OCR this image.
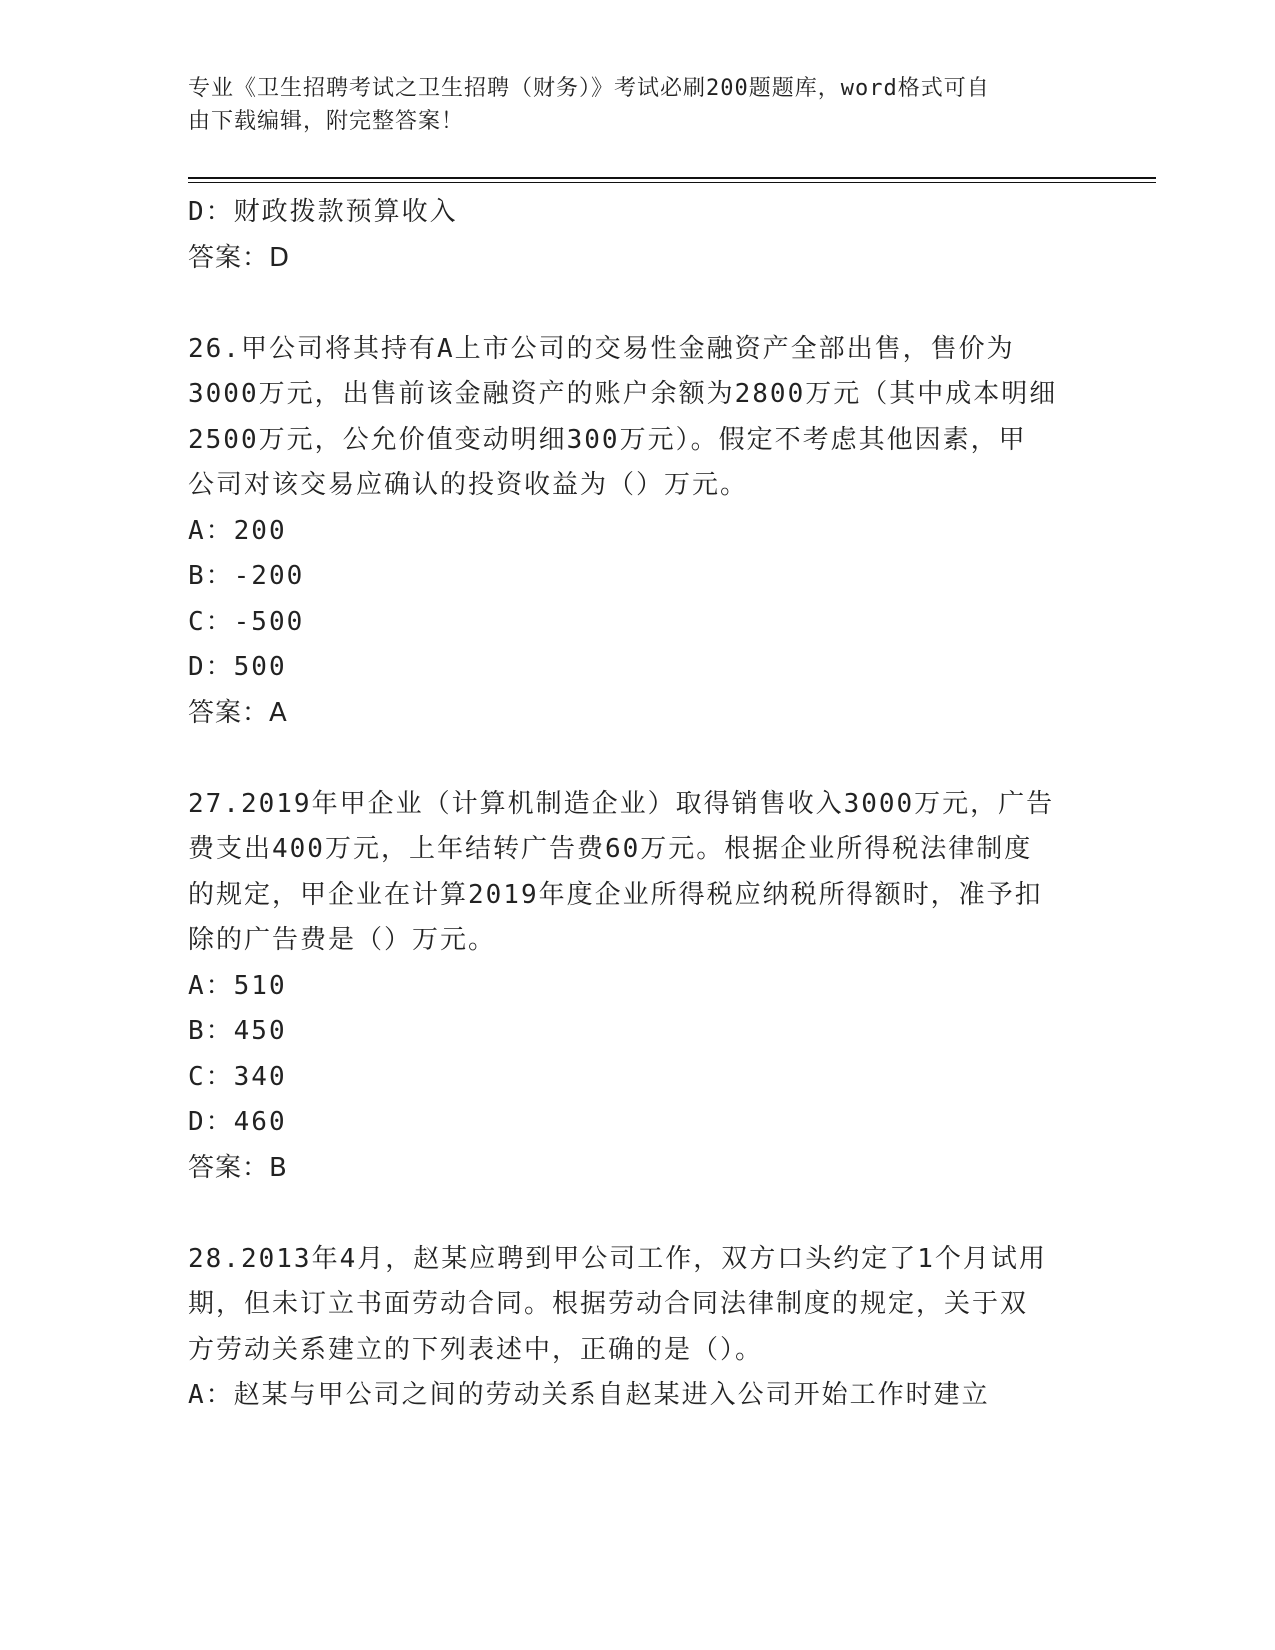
专业《卫生招聘考试之卫生招聘（财务）》考试必刷200题题库，word格式可自
由下载编辑，附完整答案！
D：财政拨款预算收入
答案：D
26.甲公司将其持有A上市公司的交易性金融资产全部出售，售价为
3000万元，出售前该金融资产的账户余额为2800万元（其中成本明细
2500万元，公允价值变动明细300万元）。假定不考虑其他因素，甲
公司对该交易应确认的投资收益为（）万元。
A：200
B：-200
C：-500
D：500
答案：A
27.2019年甲企业（计算机制造企业）取得销售收入3000万元，广告
费支出400万元，上年结转广告费60万元。根据企业所得税法律制度
的规定，甲企业在计算2019年度企业所得税应纳税所得额时，准予扣
除的广告费是（）万元。
A：510
B：450
C：340
D：460
答案：B
28.2013年4月，赵某应聘到甲公司工作，双方口头约定了1个月试用
期，但未订立书面劳动合同。根据劳动合同法律制度的规定，关于双
方劳动关系建立的下列表述中，正确的是（）。
A：赵某与甲公司之间的劳动关系自赵某进入公司开始工作时建立
